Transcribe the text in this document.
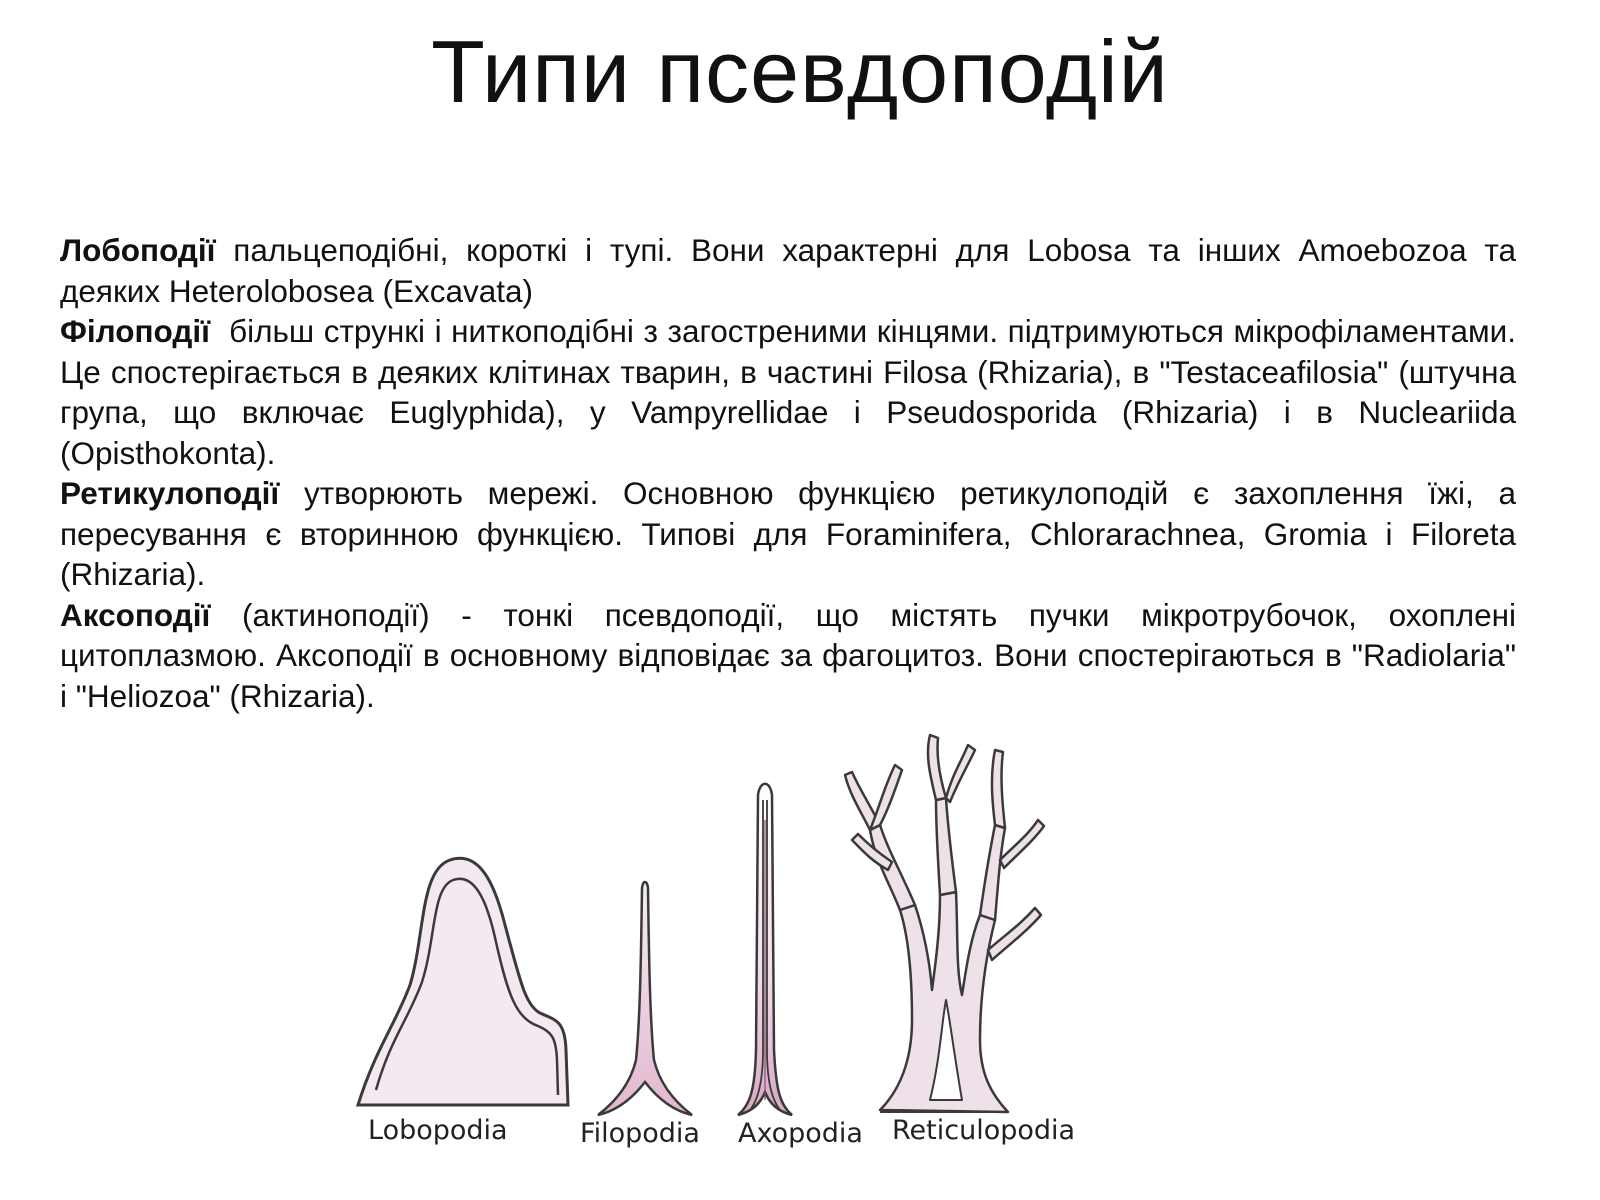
Типи псевдоподій

Лобоподії пальцеподібні, короткі і тупі. Вони характерні для Lobosa та інших Amoebozoa та деяких Heterolobosea (Excavata)

Філоподії  більш стрункі і ниткоподібні з загостреними кінцями. підтримуються мікрофіламентами. Це спостерігається в деяких клітинах тварин, в частині Filosa (Rhizaria), в "Testaceafilosia" (штучна група, що включає Euglyphida), у Vampyrellidae і Pseudosporida (Rhizaria) і в Nucleariida (Opisthokonta).

Ретикулоподії утворюють мережі. Основною функцією ретикулоподій є захоплення їжі, а пересування є вторинною функцією. Типові для Foraminifera, Chlorarachnea, Gromia і Filoreta (Rhizaria).

Аксоподії (актиноподії) - тонкі псевдоподії, що містять пучки мікротрубочок, охоплені цитоплазмою. Аксоподії в основному відповідає за фагоцитоз. Вони спостерігаються в "Radiolaria"  і "Heliozoa" (Rhizaria).

Lobopodia	Filopodia Axopodia Reticulopodia
